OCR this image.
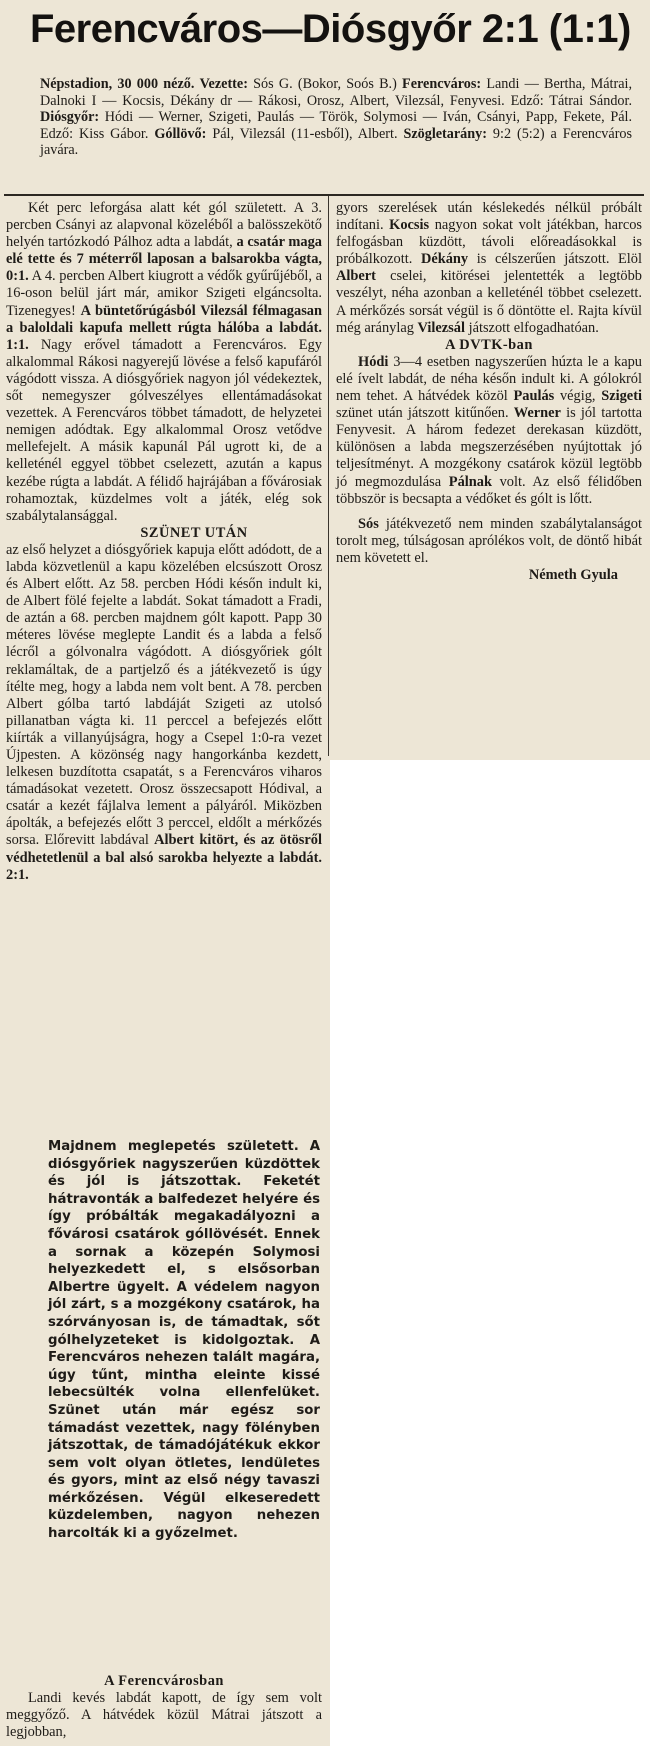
Ferencváros—Diósgyőr 2:1 (1:1)
Népstadion, 30 000 néző. Vezette: Sós G. (Bokor, Soós B.) Ferencváros: Landi — Bertha, Mátrai, Dalnoki I — Kocsis, Dékány dr — Rákosi, Orosz, Albert, Vilezsál, Fenyvesi. Edző: Tátrai Sándor. Diósgyőr: Hódi — Werner, Szigeti, Paulás — Török, Solymosi — Iván, Csányi, Papp, Fekete, Pál. Edző: Kiss Gábor. Góllövő: Pál, Vilezsál (11-esből), Albert. Szögletarány: 9:2 (5:2) a Ferencváros javára.

Két perc leforgása alatt két gól született. A 3. percben Csányi az alapvonal közeléből a balösszekötő helyén tartózkodó Pálhoz adta a labdát, a csatár maga elé tette és 7 méterről laposan a balsarokba vágta, 0:1. A 4. percben Albert kiugrott a védők gyűrűjéből, a 16-oson belül járt már, amikor Szigeti elgáncsolta. Tizenegyes! A büntetőrúgásból Vilezsál félmagasan a baloldali kapufa mellett rúgta hálóba a labdát. 1:1. Nagy erővel támadott a Ferencváros. Egy alkalommal Rákosi nagyerejű lövése a felső kapufáról vágódott vissza. A diósgyőriek nagyon jól védekeztek, sőt nemegyszer gólveszélyes ellentámadásokat vezettek. A Ferencváros többet támadott, de helyzetei nemigen adódtak. Egy alkalommal Orosz vetődve mellefejelt. A másik kapunál Pál ugrott ki, de a kelleténél eggyel többet cselezett, azután a kapus kezébe rúgta a labdát. A félidő hajrájában a fővárosiak rohamoztak, küzdelmes volt a játék, elég sok szabálytalansággal.

SZÜNET UTÁN

az első helyzet a diósgyőriek kapuja előtt adódott, de a labda közvetlenül a kapu közelében elcsúszott Orosz és Albert előtt. Az 58. percben Hódi későn indult ki, de Albert fölé fejelte a labdát. Sokat támadott a Fradi, de aztán a 68. percben majdnem gólt kapott. Papp 30 méteres lövése meglepte Landit és a labda a felső lécről a gólvonalra vágódott. A diósgyőriek gólt reklamáltak, de a partjelző és a játékvezető is úgy ítélte meg, hogy a labda nem volt bent. A 78. percben Albert gólba tartó labdáját Szigeti az utolsó pillanatban vágta ki. 11 perccel a befejezés előtt kiírták a villanyújságra, hogy a Csepel 1:0-ra vezet Újpesten. A közönség nagy hangorkánba kezdett, lelkesen buzdította csapatát, s a Ferencváros viharos támadásokat vezetett. Orosz összecsapott Hódival, a csatár a kezét fájlalva lement a pályáról. Miközben ápolták, a befejezés előtt 3 perccel, eldőlt a mérkőzés sorsa. Előrevitt labdával Albert kitört, és az ötösről védhetetlenül a bal alsó sarokba helyezte a labdát. 2:1.

Majdnem meglepetés született. A diósgyőriek nagyszerűen küzdöttek és jól is játszottak. Feketét hátravonták a balfedezet helyére és így próbálták megakadályozni a fővárosi csatárok góllövését. Ennek a sornak a közepén Solymosi helyezkedett el, s elsősorban Albertre ügyelt. A védelem nagyon jól zárt, s a mozgékony csatárok, ha szórványosan is, de támadtak, sőt gólhelyzeteket is kidolgoztak. A Ferencváros nehezen talált magára, úgy tűnt, mintha eleinte kissé lebecsülték volna ellenfelüket. Szünet után már egész sor támadást vezettek, nagy fölényben játszottak, de támadójátékuk ekkor sem volt olyan ötletes, lendületes és gyors, mint az első négy tavaszi mérkőzésen. Végül elkeseredett küzdelemben, nagyon nehezen harcolták ki a győzelmet.

A Ferencvárosban

Landi kevés labdát kapott, de így sem volt meggyőző. A hátvédek közül Mátrai játszott a legjobban,

gyors szerelések után késlekedés nélkül próbált indítani. Kocsis nagyon sokat volt játékban, harcos felfogásban küzdött, távoli előreadásokkal is próbálkozott. Dékány is célszerűen játszott. Elöl Albert cselei, kitörései jelentették a legtöbb veszélyt, néha azonban a kelleténél többet cselezett. A mérkőzés sorsát végül is ő döntötte el. Rajta kívül még aránylag Vilezsál játszott elfogadhatóan.

A DVTK-ban

Hódi 3—4 esetben nagyszerűen húzta le a kapu elé ívelt labdát, de néha későn indult ki. A gólokról nem tehet. A hátvédek közöl Paulás végig, Szigeti szünet után játszott kitűnően. Werner is jól tartotta Fenyvesit. A három fedezet derekasan küzdött, különösen a labda megszerzésében nyújtottak jó teljesítményt. A mozgékony csatárok közül legtöbb jó megmozdulása Pálnak volt. Az első félidőben többször is becsapta a védőket és gólt is lőtt.

Sós játékvezető nem minden szabálytalanságot torolt meg, túlságosan aprólékos volt, de döntő hibát nem követett el.

Németh Gyula
